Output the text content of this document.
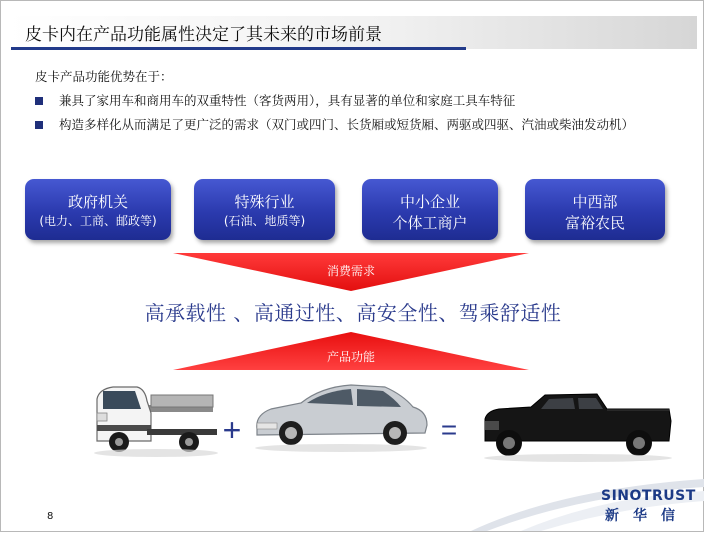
皮卡内在产品功能属性决定了其未来的市场前景
皮卡产品功能优势在于：
兼具了家用车和商用车的双重特性（客货两用），具有显著的单位和家庭工具车特征
构造多样化从而满足了更广泛的需求（双门或四门、长货厢或短货厢、两驱或四驱、汽油或柴油发动机）
政府机关
(电力、工商、邮政等)
特殊行业
(石油、地质等)
中小企业
个体工商户
中西部
富裕农民
消费需求
高承载性 、高通过性、高安全性、驾乘舒适性
产品功能
+	=
8
SINOTRUST
新华信
